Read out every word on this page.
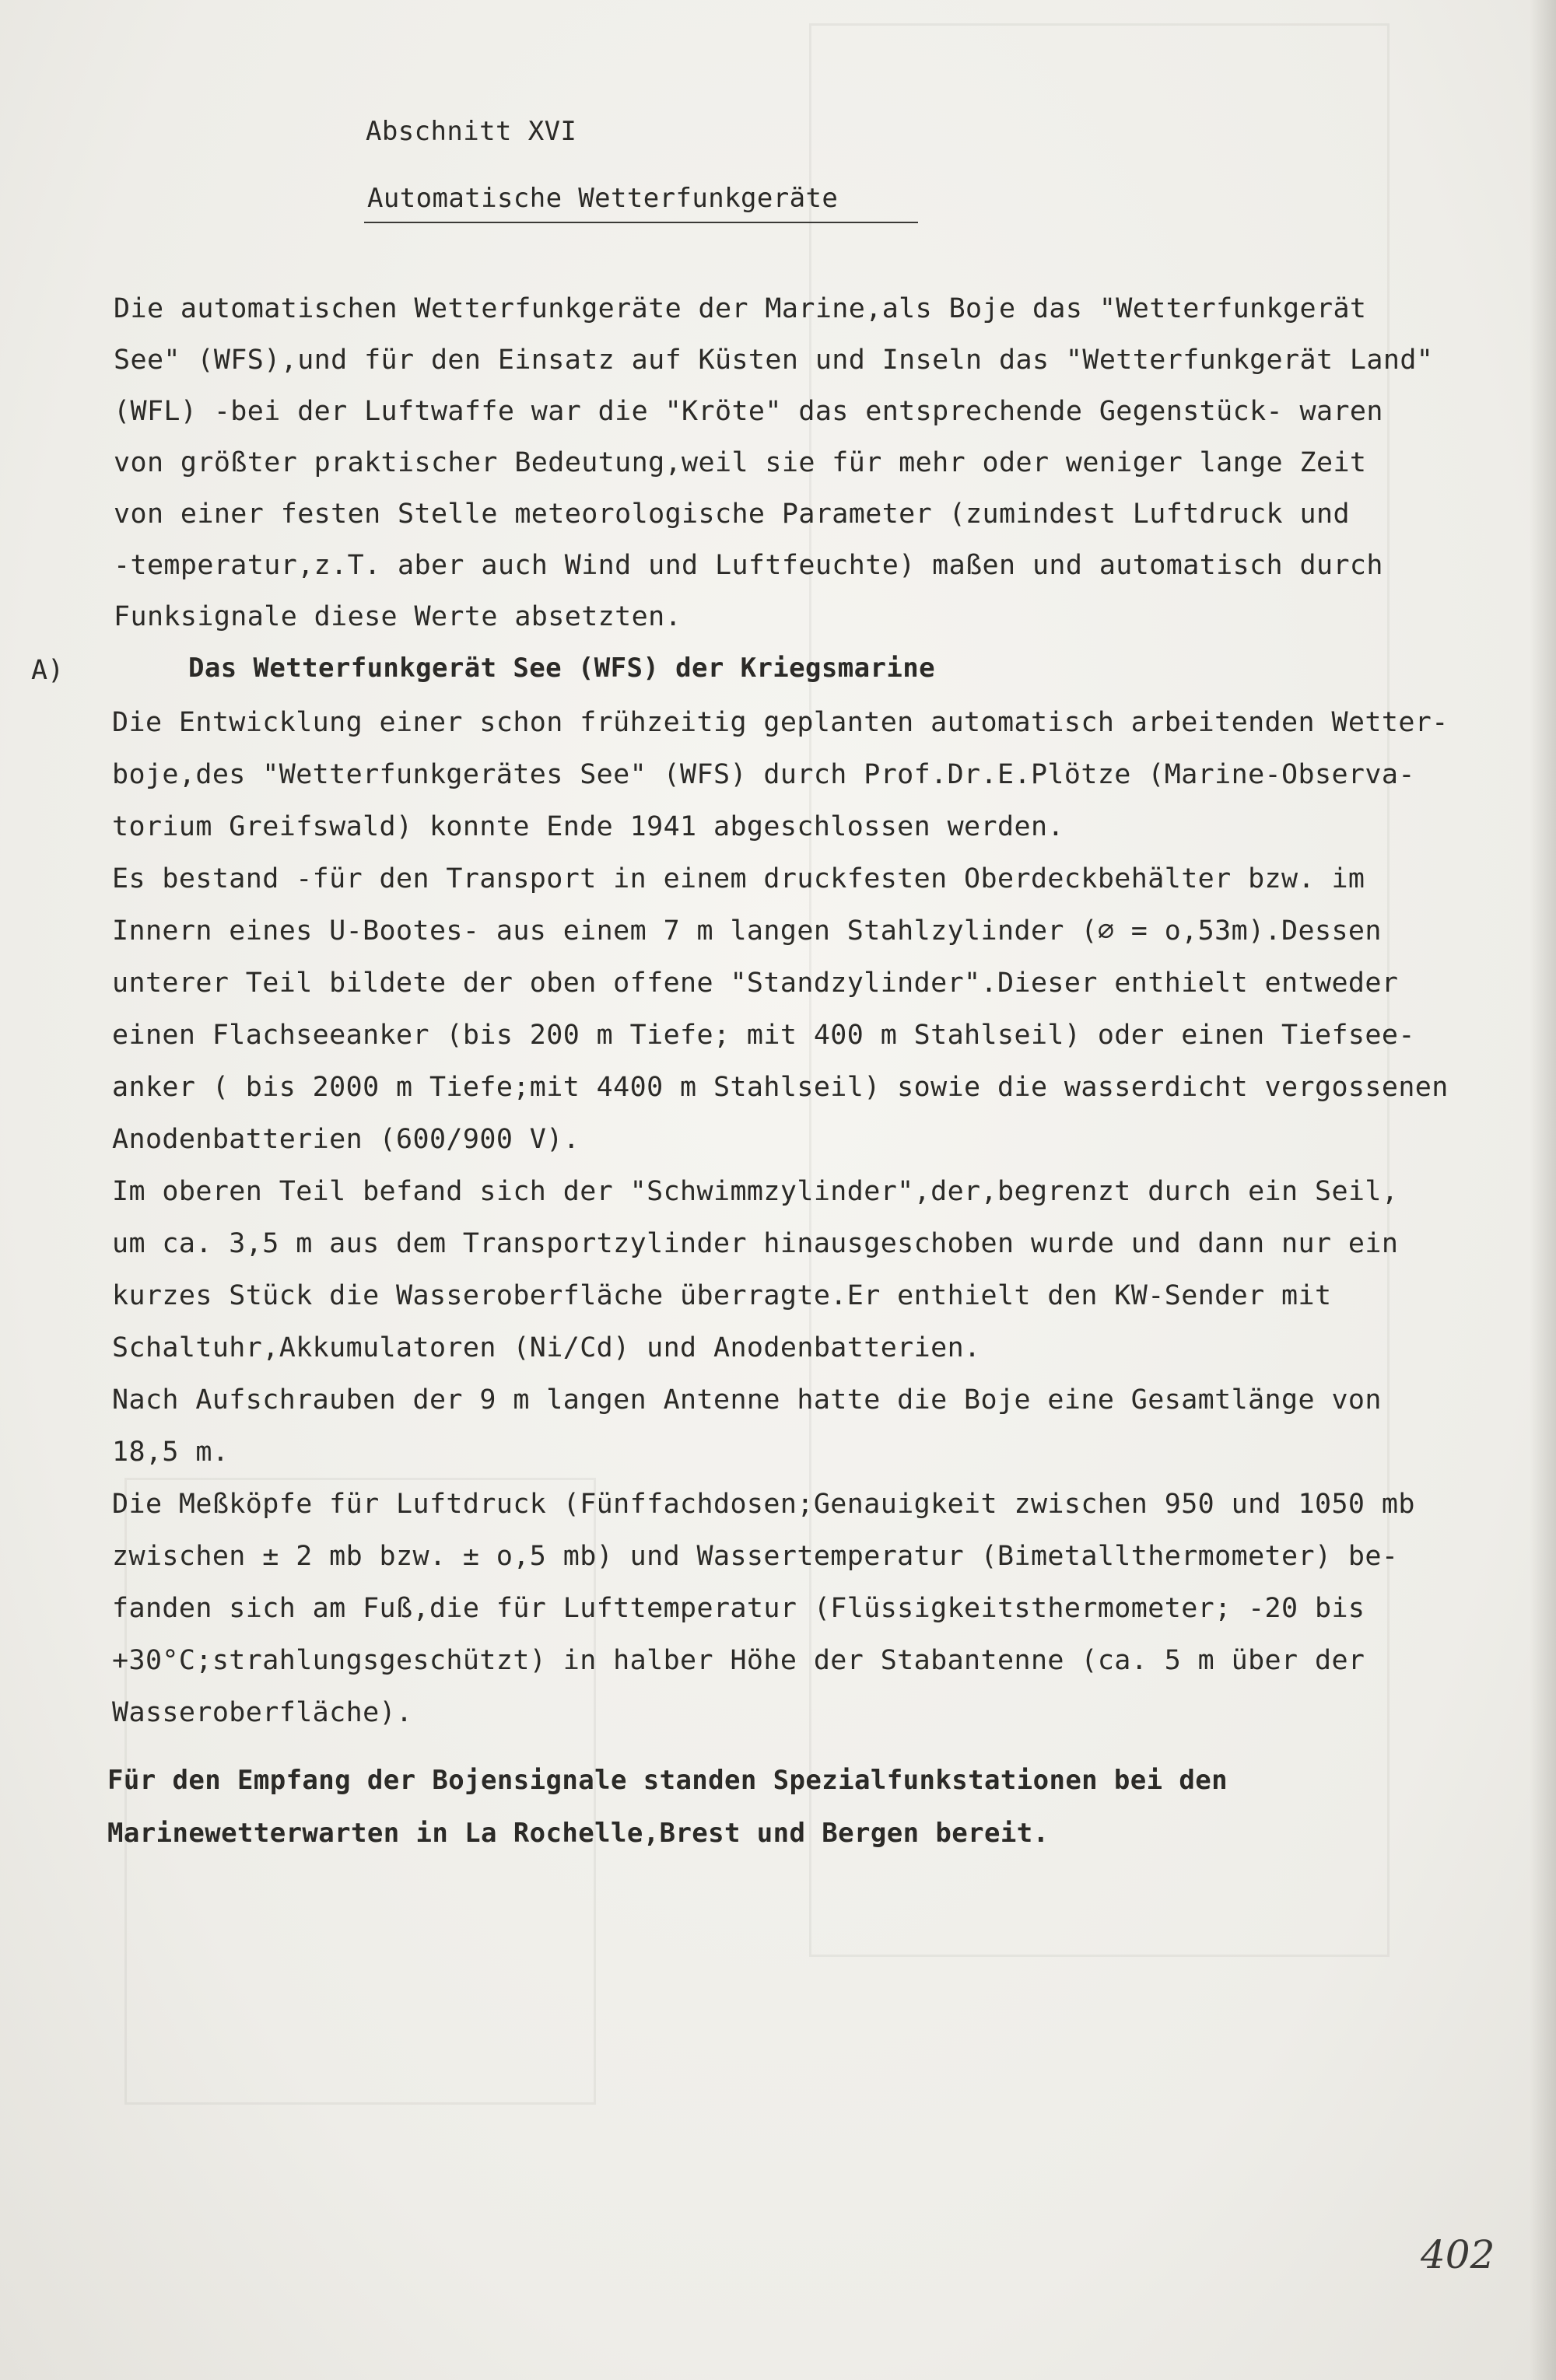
Abschnitt XVI
Automatische Wetterfunkgeräte
Die automatischen Wetterfunkgeräte der Marine,als Boje das "Wetterfunkgerät
See" (WFS),und für den Einsatz auf Küsten und Inseln das "Wetterfunkgerät Land"
(WFL) -bei der Luftwaffe war die "Kröte" das entsprechende Gegenstück- waren
von größter praktischer Bedeutung,weil sie für mehr oder weniger lange Zeit
von einer festen Stelle meteorologische Parameter (zumindest Luftdruck und
-temperatur,z.T. aber auch Wind und Luftfeuchte) maßen und automatisch durch
Funksignale diese Werte absetzten.
A)	Das Wetterfunkgerät See (WFS) der Kriegsmarine
Die Entwicklung einer schon frühzeitig geplanten automatisch arbeitenden Wetter-
boje,des "Wetterfunkgerätes See" (WFS) durch Prof.Dr.E.Plötze (Marine-Observa-
torium Greifswald) konnte Ende 1941 abgeschlossen werden.
Es bestand -für den Transport in einem druckfesten Oberdeckbehälter bzw. im
Innern eines U-Bootes- aus einem 7 m langen Stahlzylinder (⌀ = o,53m).Dessen
unterer Teil bildete der oben offene "Standzylinder".Dieser enthielt entweder
einen Flachseeanker (bis 200 m Tiefe; mit 400 m Stahlseil) oder einen Tiefsee-
anker ( bis 2000 m Tiefe;mit 4400 m Stahlseil) sowie die wasserdicht vergossenen
Anodenbatterien (600/900 V).
Im oberen Teil befand sich der "Schwimmzylinder",der,begrenzt durch ein Seil,
um ca. 3,5 m aus dem Transportzylinder hinausgeschoben wurde und dann nur ein
kurzes Stück die Wasseroberfläche überragte.Er enthielt den KW-Sender mit
Schaltuhr,Akkumulatoren (Ni/Cd) und Anodenbatterien.
Nach Aufschrauben der 9 m langen Antenne hatte die Boje eine Gesamtlänge von
18,5 m.
Die Meßköpfe für Luftdruck (Fünffachdosen;Genauigkeit zwischen 950 und 1050 mb
zwischen ± 2 mb bzw. ± o,5 mb) und Wassertemperatur (Bimetallthermometer) be-
fanden sich am Fuß,die für Lufttemperatur (Flüssigkeitsthermometer; -20 bis
+30°C;strahlungsgeschützt) in halber Höhe der Stabantenne (ca. 5 m über der
Wasseroberfläche).
Für den Empfang der Bojensignale standen Spezialfunkstationen bei den
Marinewetterwarten in La Rochelle,Brest und Bergen bereit.
402
